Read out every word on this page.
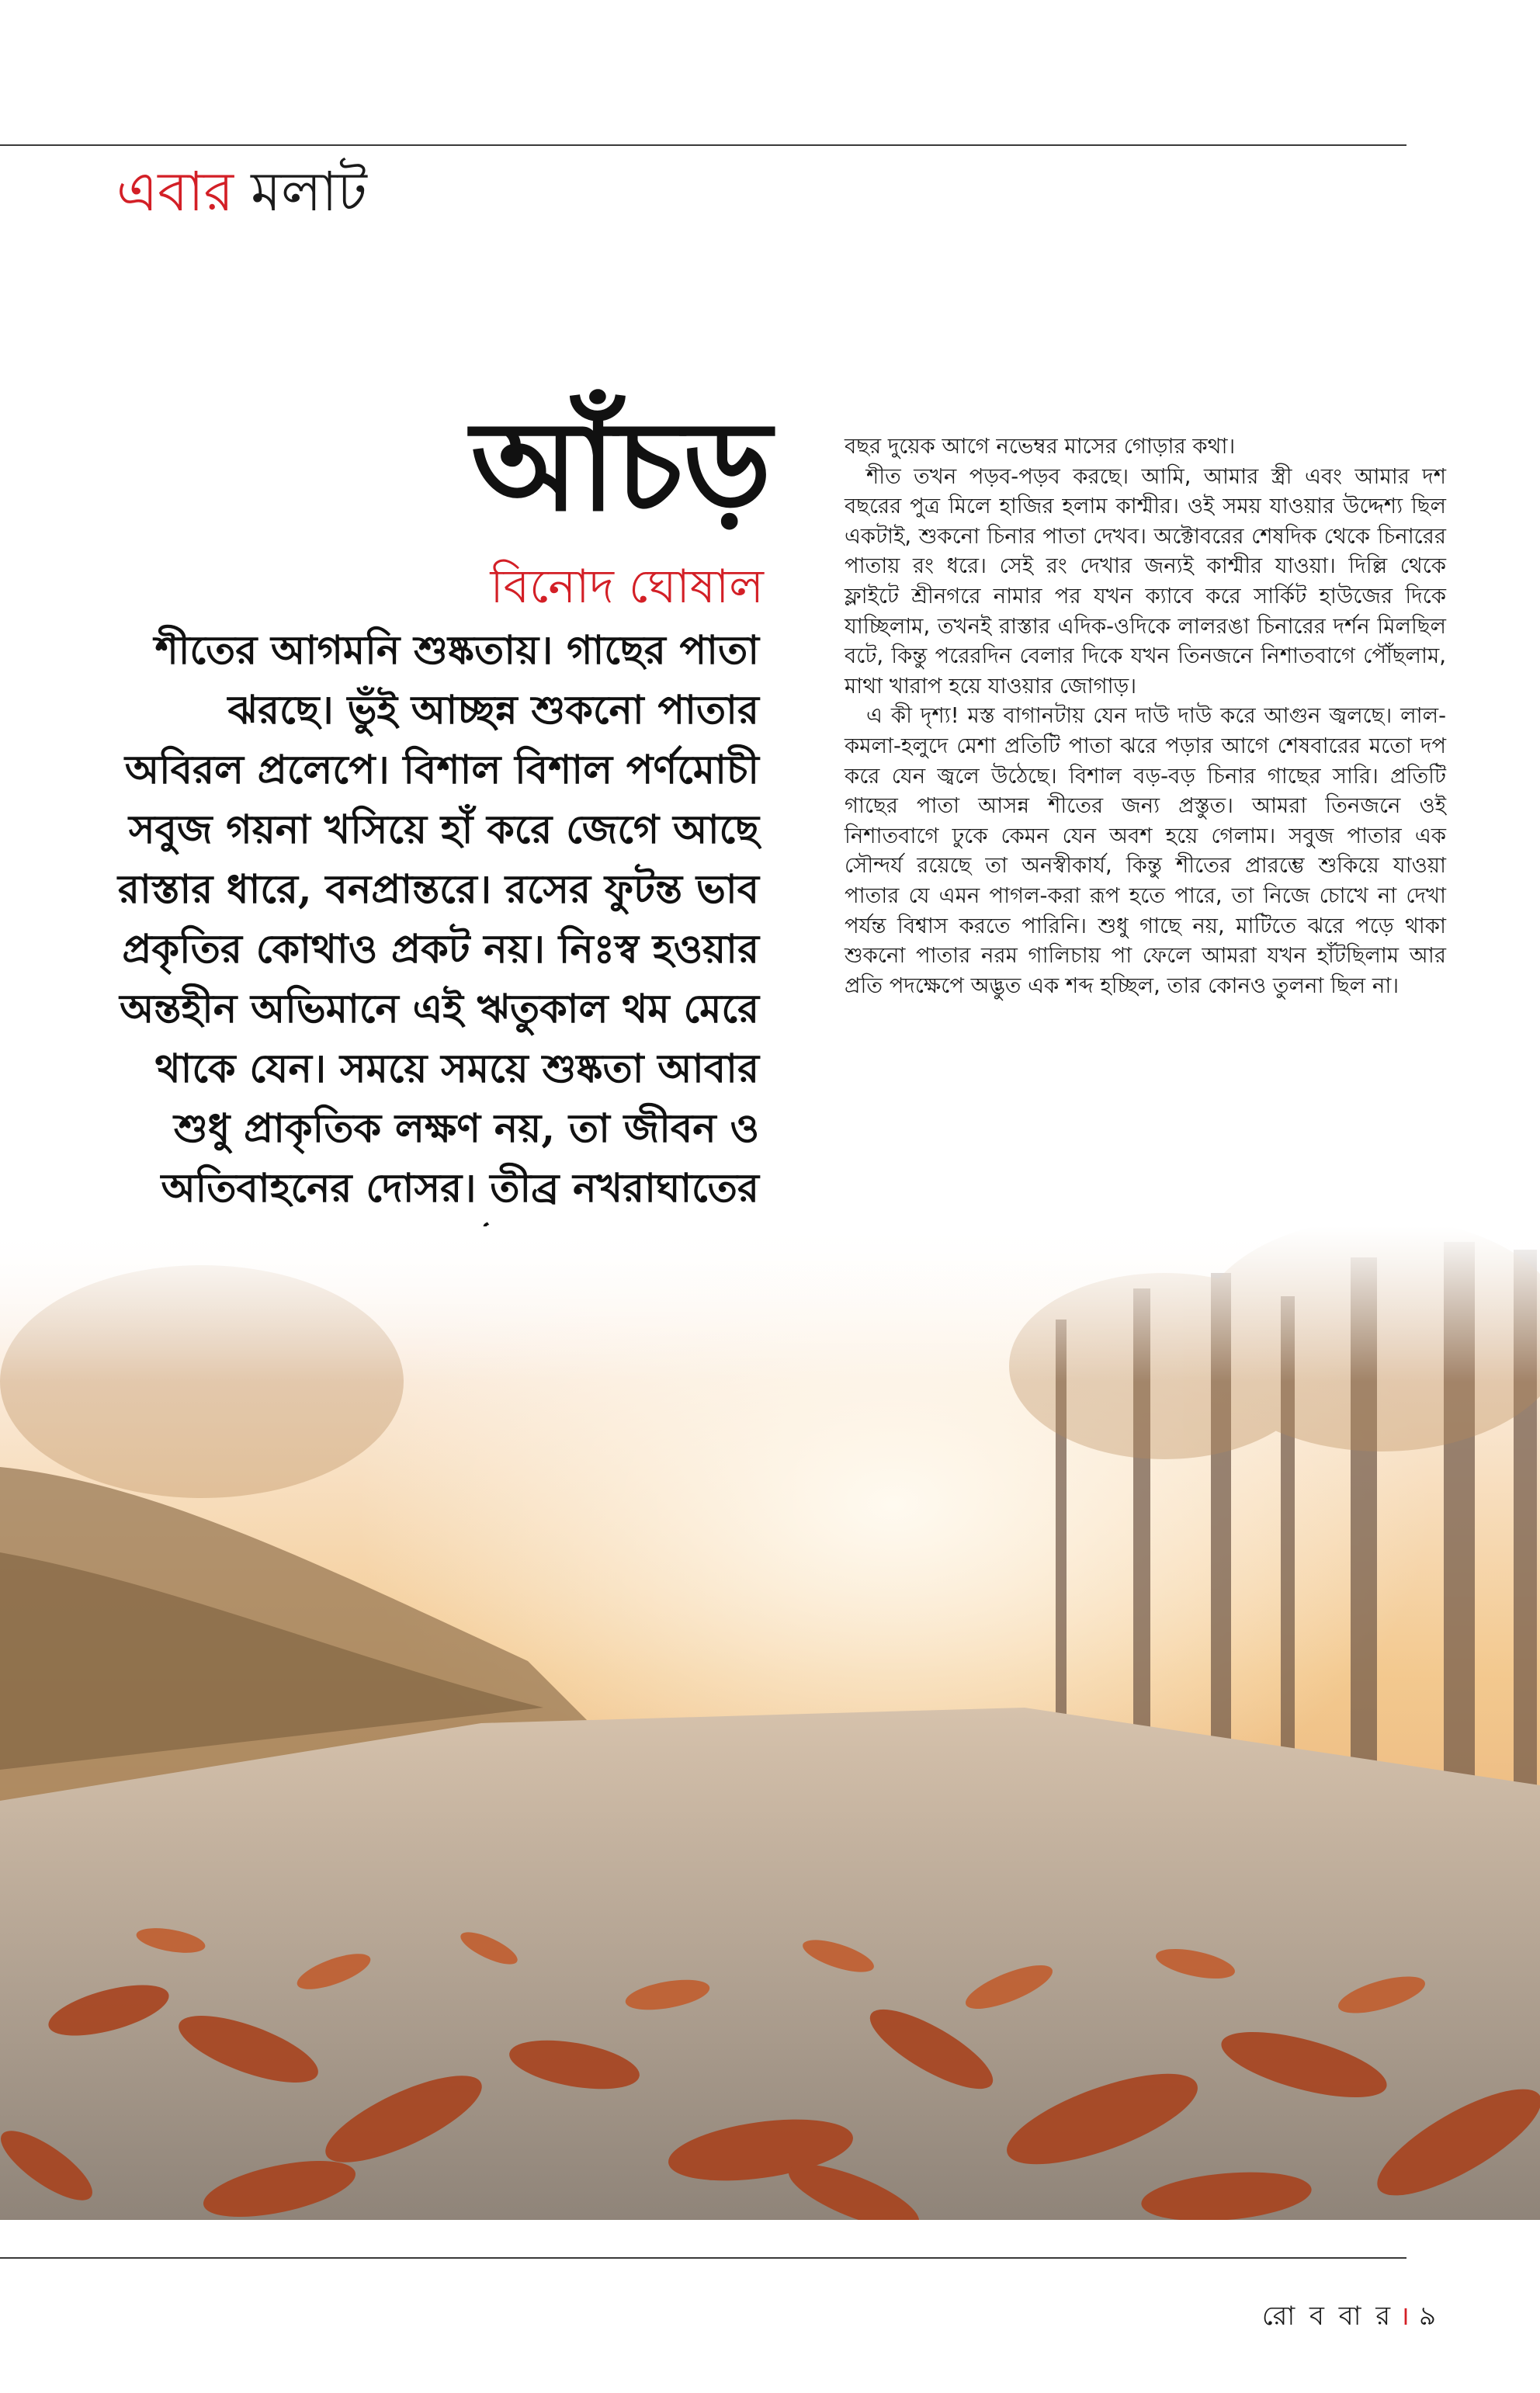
এবার মলাট
আঁচড়
বিনোদ ঘোষাল

শীতের আগমনি শুষ্কতায়। গাছের পাতা ঝরছে। ভুঁই আচ্ছন্ন শুকনো পাতার অবিরল প্রলেপে। বিশাল বিশাল পর্ণমোচী সবুজ গয়না খসিয়ে হাঁ করে জেগে আছে রাস্তার ধারে, বনপ্রান্তরে। রসের ফুটন্ত ভাব প্রকৃতির কোথাও প্রকট নয়। নিঃস্ব হওয়ার অন্তহীন অভিমানে এই ঋতুকাল থম মেরে থাকে যেন। সময়ে সময়ে শুষ্কতা আবার শুধু প্রাকৃতিক লক্ষণ নয়, তা জীবন ও অতিবাহনের দোসর। তীব্র নখরাঘাতের

বছর দুয়েক আগে নভেম্বর মাসের গোড়ার কথা।

শীত তখন পড়ব-পড়ব করছে। আমি, আমার স্ত্রী এবং আমার দশ বছরের পুত্র মিলে হাজির হলাম কাশ্মীর। ওই সময় যাওয়ার উদ্দেশ্য ছিল একটাই, শুকনো চিনার পাতা দেখব। অক্টোবরের শেষদিক থেকে চিনারের পাতায় রং ধরে। সেই রং দেখার জন্যই কাশ্মীর যাওয়া। দিল্লি থেকে ফ্লাইটে শ্রীনগরে নামার পর যখন ক্যাবে করে সার্কিট হাউজের দিকে যাচ্ছিলাম, তখনই রাস্তার এদিক-ওদিকে লালরঙা চিনারের দর্শন মিলছিল বটে, কিন্তু পরেরদিন বেলার দিকে যখন তিনজনে নিশাতবাগে পৌঁছলাম, মাথা খারাপ হয়ে যাওয়ার জোগাড়।

এ কী দৃশ্য! মস্ত বাগানটায় যেন দাউ দাউ করে আগুন জ্বলছে। লাল-কমলা-হলুদে মেশা প্রতিটি পাতা ঝরে পড়ার আগে শেষবারের মতো দপ করে যেন জ্বলে উঠেছে। বিশাল বড়-বড় চিনার গাছের সারি। প্রতিটি গাছের পাতা আসন্ন শীতের জন্য প্রস্তুত। আমরা তিনজনে ওই নিশাতবাগে ঢুকে কেমন যেন অবশ হয়ে গেলাম। সবুজ পাতার এক সৌন্দর্য রয়েছে তা অনস্বীকার্য, কিন্তু শীতের প্রারম্ভে শুকিয়ে যাওয়া পাতার যে এমন পাগল-করা রূপ হতে পারে, তা নিজে চোখে না দেখা পর্যন্ত বিশ্বাস করতে পারিনি। শুধু গাছে নয়, মাটিতে ঝরে পড়ে থাকা শুকনো পাতার নরম গালিচায় পা ফেলে আমরা যখন হাঁটছিলাম আর প্রতি পদক্ষেপে অদ্ভুত এক শব্দ হচ্ছিল, তার কোনও তুলনা ছিল না।

রো ব বা র । ৯
